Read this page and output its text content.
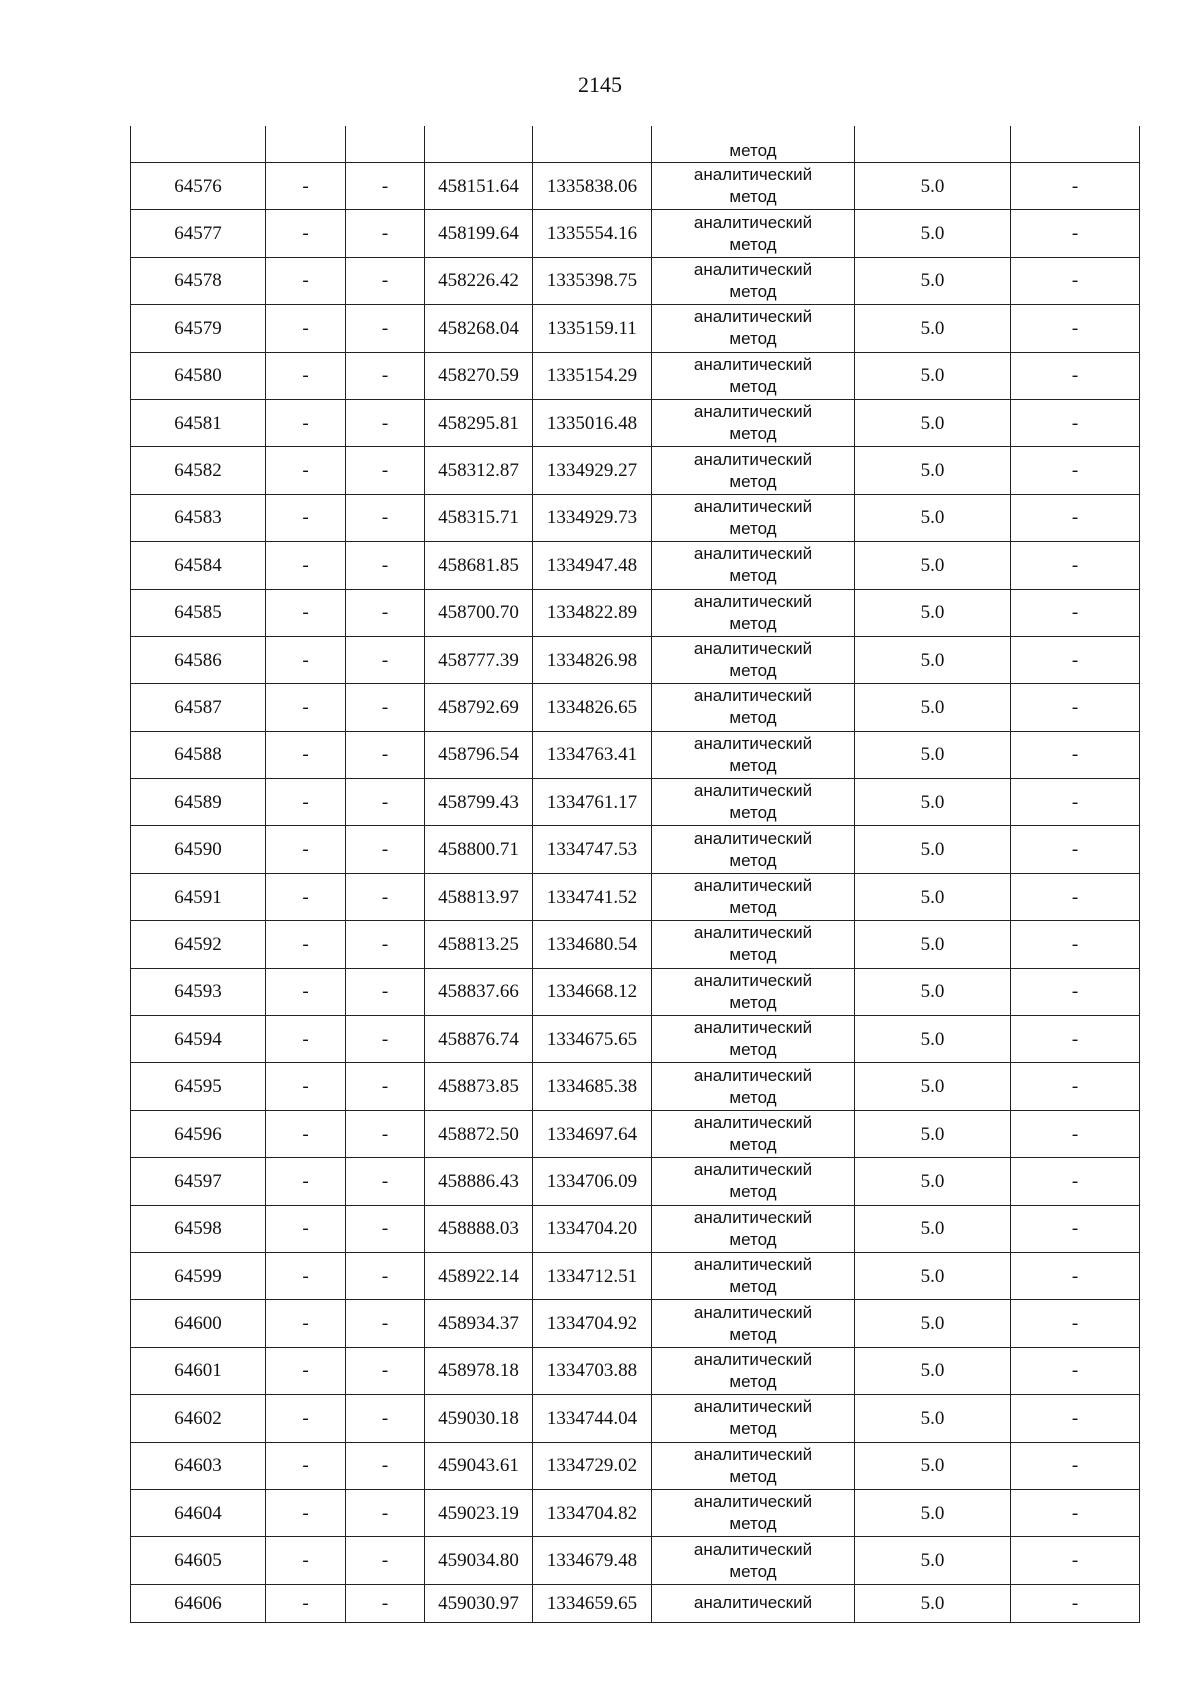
2145
					метод		
64576	-	-	458151.64	1335838.06	аналитический
метод	5.0	-
64577	-	-	458199.64	1335554.16	аналитический
метод	5.0	-
64578	-	-	458226.42	1335398.75	аналитический
метод	5.0	-
64579	-	-	458268.04	1335159.11	аналитический
метод	5.0	-
64580	-	-	458270.59	1335154.29	аналитический
метод	5.0	-
64581	-	-	458295.81	1335016.48	аналитический
метод	5.0	-
64582	-	-	458312.87	1334929.27	аналитический
метод	5.0	-
64583	-	-	458315.71	1334929.73	аналитический
метод	5.0	-
64584	-	-	458681.85	1334947.48	аналитический
метод	5.0	-
64585	-	-	458700.70	1334822.89	аналитический
метод	5.0	-
64586	-	-	458777.39	1334826.98	аналитический
метод	5.0	-
64587	-	-	458792.69	1334826.65	аналитический
метод	5.0	-
64588	-	-	458796.54	1334763.41	аналитический
метод	5.0	-
64589	-	-	458799.43	1334761.17	аналитический
метод	5.0	-
64590	-	-	458800.71	1334747.53	аналитический
метод	5.0	-
64591	-	-	458813.97	1334741.52	аналитический
метод	5.0	-
64592	-	-	458813.25	1334680.54	аналитический
метод	5.0	-
64593	-	-	458837.66	1334668.12	аналитический
метод	5.0	-
64594	-	-	458876.74	1334675.65	аналитический
метод	5.0	-
64595	-	-	458873.85	1334685.38	аналитический
метод	5.0	-
64596	-	-	458872.50	1334697.64	аналитический
метод	5.0	-
64597	-	-	458886.43	1334706.09	аналитический
метод	5.0	-
64598	-	-	458888.03	1334704.20	аналитический
метод	5.0	-
64599	-	-	458922.14	1334712.51	аналитический
метод	5.0	-
64600	-	-	458934.37	1334704.92	аналитический
метод	5.0	-
64601	-	-	458978.18	1334703.88	аналитический
метод	5.0	-
64602	-	-	459030.18	1334744.04	аналитический
метод	5.0	-
64603	-	-	459043.61	1334729.02	аналитический
метод	5.0	-
64604	-	-	459023.19	1334704.82	аналитический
метод	5.0	-
64605	-	-	459034.80	1334679.48	аналитический
метод	5.0	-
64606	-	-	459030.97	1334659.65	аналитический	5.0	-
